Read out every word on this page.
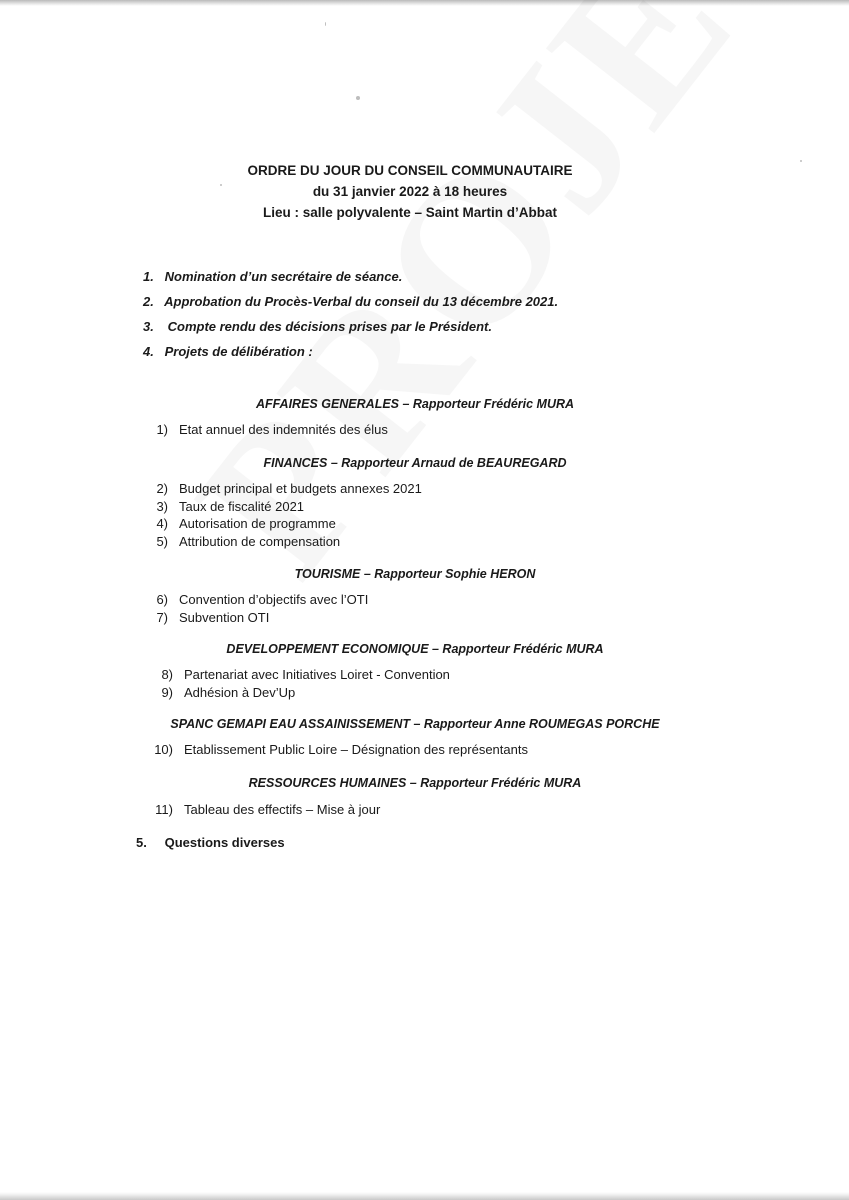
ORDRE DU JOUR DU CONSEIL COMMUNAUTAIRE
du 31 janvier 2022 à 18 heures
Lieu : salle polyvalente – Saint Martin d’Abbat
1. Nomination d’un secrétaire de séance.
2. Approbation du Procès-Verbal du conseil du 13 décembre 2021.
3. Compte rendu des décisions prises par le Président.
4. Projets de délibération :
AFFAIRES GENERALES – Rapporteur Frédéric MURA
1) Etat annuel des indemnités des élus
FINANCES – Rapporteur Arnaud de BEAUREGARD
2) Budget principal et budgets annexes 2021
3) Taux de fiscalité 2021
4) Autorisation de programme
5) Attribution de compensation
TOURISME – Rapporteur Sophie HERON
6) Convention d’objectifs avec l’OTI
7) Subvention OTI
DEVELOPPEMENT ECONOMIQUE – Rapporteur Frédéric MURA
8) Partenariat avec Initiatives Loiret - Convention
9) Adhésion à Dev’Up
SPANC GEMAPI EAU ASSAINISSEMENT – Rapporteur Anne ROUMEGAS PORCHE
10) Etablissement Public Loire – Désignation des représentants
RESSOURCES HUMAINES – Rapporteur Frédéric MURA
11) Tableau des effectifs – Mise à jour
5. Questions diverses
